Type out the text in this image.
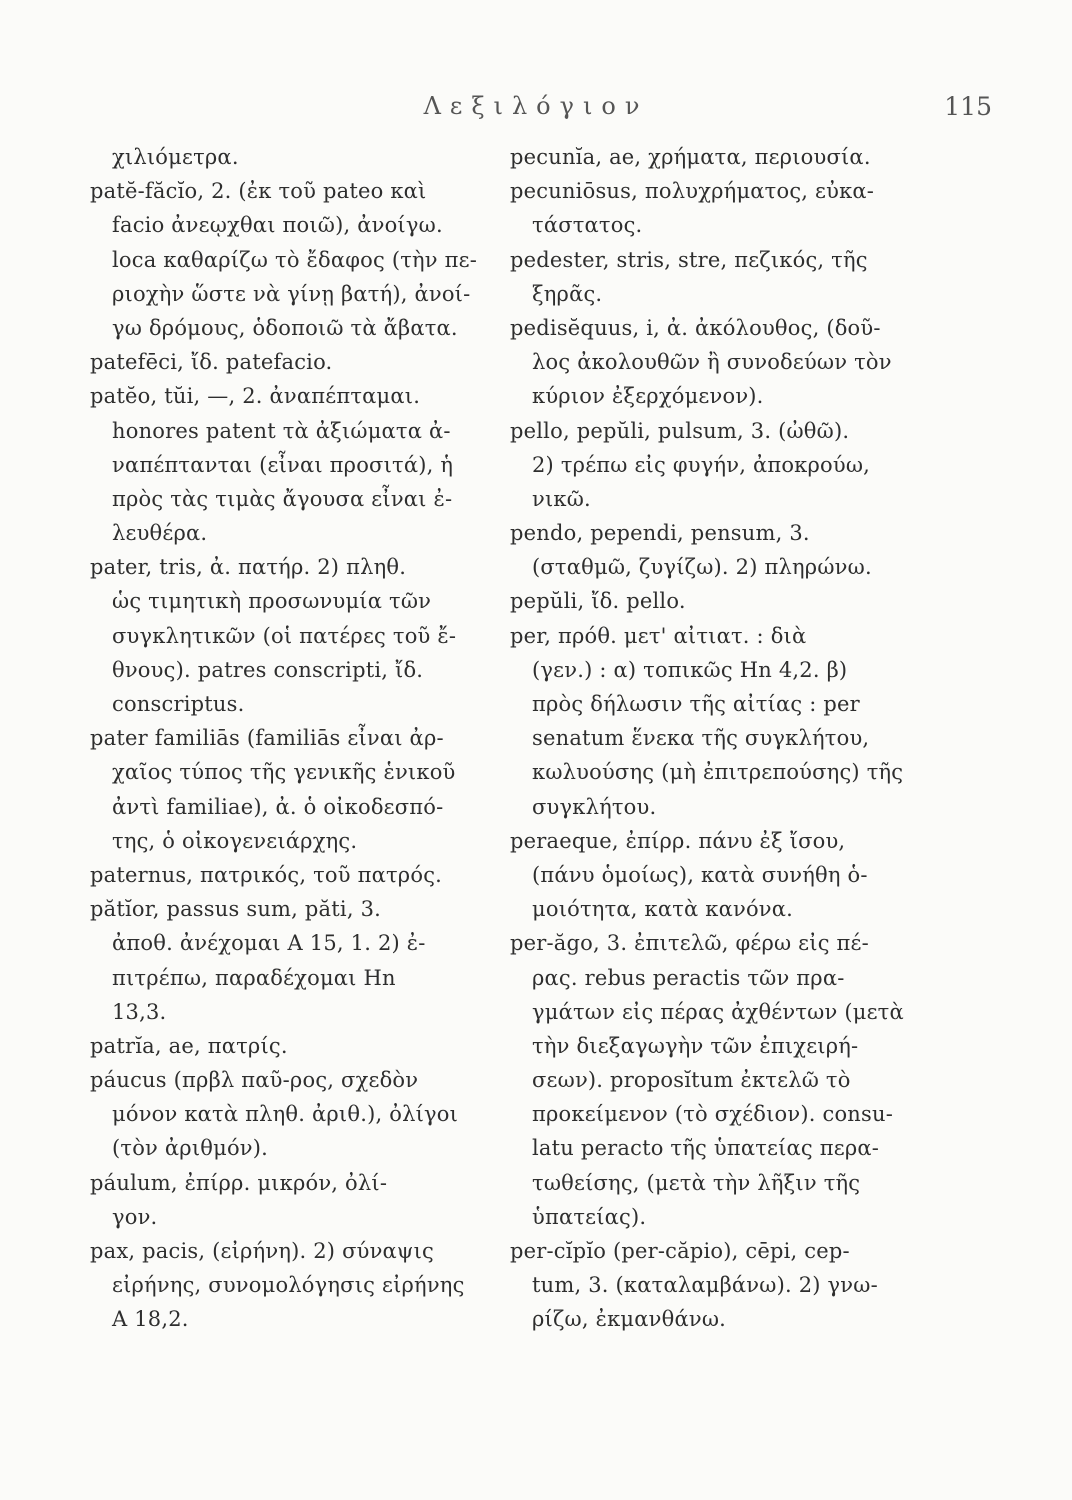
Λεξιλόγιον	115
χιλιόμετρα.
patĕ-făcĭo, 2. (ἐκ τοῦ pateo καὶ
facio ἀνεῳχθαι ποιῶ), ἀνοίγω.
loca καθαρίζω τὸ ἔδαφος (τὴν πε-
ριοχὴν ὥστε νὰ γίνῃ βατή), ἀνοί-
γω δρόμους, ὁδοποιῶ τὰ ἄβατα.
patefēci, ἴδ. patefacio.
patĕo, tŭi, —, 2. ἀναπέπταμαι.
honores patent τὰ ἀξιώματα ἀ-
ναπέπτανται (εἶναι προσιτά), ἡ
πρὸς τὰς τιμὰς ἄγουσα εἶναι ἐ-
λευθέρα.
pater, tris, ἀ. πατήρ. 2) πληθ.
ὡς τιμητικὴ προσωνυμία τῶν
συγκλητικῶν (οἱ πατέρες τοῦ ἔ-
θνους). patres conscripti, ἴδ.
conscriptus.
pater familiās (familiās εἶναι ἀρ-
χαῖος τύπος τῆς γενικῆς ἑνικοῦ
ἀντὶ familiae), ἀ. ὁ οἰκοδεσπό-
της, ὁ οἰκογενειάρχης.
paternus, πατρικός, τοῦ πατρός.
pătĭor, passus sum, păti, 3.
ἀποθ. ἀνέχομαι Α 15, 1. 2) ἐ-
πιτρέπω, παραδέχομαι Hn
13,3.
patrĭa, ae, πατρίς.
páucus (πρβλ παῦ-ρος, σχεδὸν
μόνον κατὰ πληθ. ἀριθ.), ὀλίγοι
(τὸν ἀριθμόν).
páulum, ἐπίρρ. μικρόν, ὀλί-
γον.
pax, pacis, (εἰρήνη). 2) σύναψις
εἰρήνης, συνομολόγησις εἰρήνης
Α 18,2.
pecunĭa, ae, χρήματα, περιουσία.
pecuniōsus, πολυχρήματος, εὐκα-
τάστατος.
pedester, stris, stre, πεζικός, τῆς
ξηρᾶς.
pedisĕquus, i, ἀ. ἀκόλουθος, (δοῦ-
λος ἀκολουθῶν ἢ συνοδεύων τὸν
κύριον ἐξερχόμενον).
pello, pepŭli, pulsum, 3. (ὠθῶ).
2) τρέπω εἰς φυγήν, ἀποκρούω,
νικῶ.
pendo, pependi, pensum, 3.
(σταθμῶ, ζυγίζω). 2) πληρώνω.
pepŭli, ἴδ. pello.
per, πρόθ. μετ' αἰτιατ. : διὰ
(γεν.) : α) τοπικῶς Hn 4,2. β)
πρὸς δήλωσιν τῆς αἰτίας : per
senatum ἕνεκα τῆς συγκλήτου,
κωλυούσης (μὴ ἐπιτρεπούσης) τῆς
συγκλήτου.
peraeque, ἐπίρρ. πάνυ ἐξ ἴσου,
(πάνυ ὁμοίως), κατὰ συνήθη ὁ-
μοιότητα, κατὰ κανόνα.
per-ăgo, 3. ἐπιτελῶ, φέρω εἰς πέ-
ρας. rebus peractis τῶν πρα-
γμάτων εἰς πέρας ἀχθέντων (μετὰ
τὴν διεξαγωγὴν τῶν ἐπιχειρή-
σεων). proposĭtum ἐκτελῶ τὸ
προκείμενον (τὸ σχέδιον). consu-
latu peracto τῆς ὑπατείας περα-
τωθείσης, (μετὰ τὴν λῆξιν τῆς
ὑπατείας).
per-cĭpĭo (per-căpio), cēpi, cep-
tum, 3. (καταλαμβάνω). 2) γνω-
ρίζω, ἐκμανθάνω.
